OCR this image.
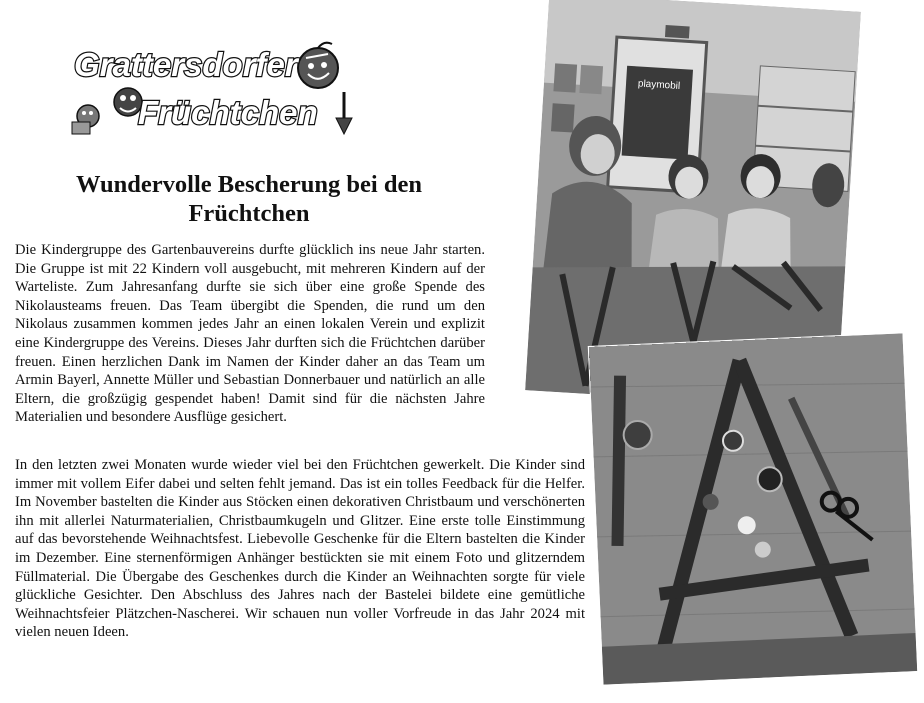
Grattersdorfer
Früchtchen
Wundervolle Bescherung bei den Früchtchen

Die Kindergruppe des Gartenbauvereins durfte glücklich ins neue Jahr starten. Die Gruppe ist mit 22 Kindern voll ausgebucht, mit mehreren Kindern auf der Warteliste. Zum Jahresanfang durfte sie sich über eine große Spende des Nikolausteams freuen. Das Team übergibt die Spenden, die rund um den Nikolaus zusammen kommen jedes Jahr an einen lokalen Verein und explizit eine Kindergruppe des Vereins. Dieses Jahr durften sich die Früchtchen darüber freuen. Einen herzlichen Dank im Namen der Kinder daher an das Team um Armin Bayerl, Annette Müller und Sebastian Donnerbauer und natürlich an alle Eltern, die großzügig gespendet haben! Damit sind für die nächsten Jahre Materialien und besondere Ausflüge gesichert.

In den letzten zwei Monaten wurde wieder viel bei den Früchtchen gewerkelt. Die Kinder sind immer mit vollem Eifer dabei und selten fehlt jemand. Das ist ein tolles Feedback für die Helfer. Im November bastelten die Kinder aus Stöcken einen dekorativen Christbaum und verschönerten ihn mit allerlei Naturmaterialien, Christbaumkugeln und Glitzer. Eine erste tolle Einstimmung auf das bevorstehende Weihnachtsfest. Liebevolle Geschenke für die Eltern bastelten die Kinder im Dezember. Eine sternenförmigen Anhänger bestückten sie mit einem Foto und glitzerndem Füllmaterial. Die Übergabe des Geschenkes durch die Kinder an Weihnachten sorgte für viele glückliche Gesichter. Den Abschluss des Jahres nach der Bastelei bildete eine gemütliche Weihnachtsfeier Plätzchen-Nascherei. Wir schauen nun voller Vorfreude in das Jahr 2024 mit vielen neuen Ideen.

playmobil
